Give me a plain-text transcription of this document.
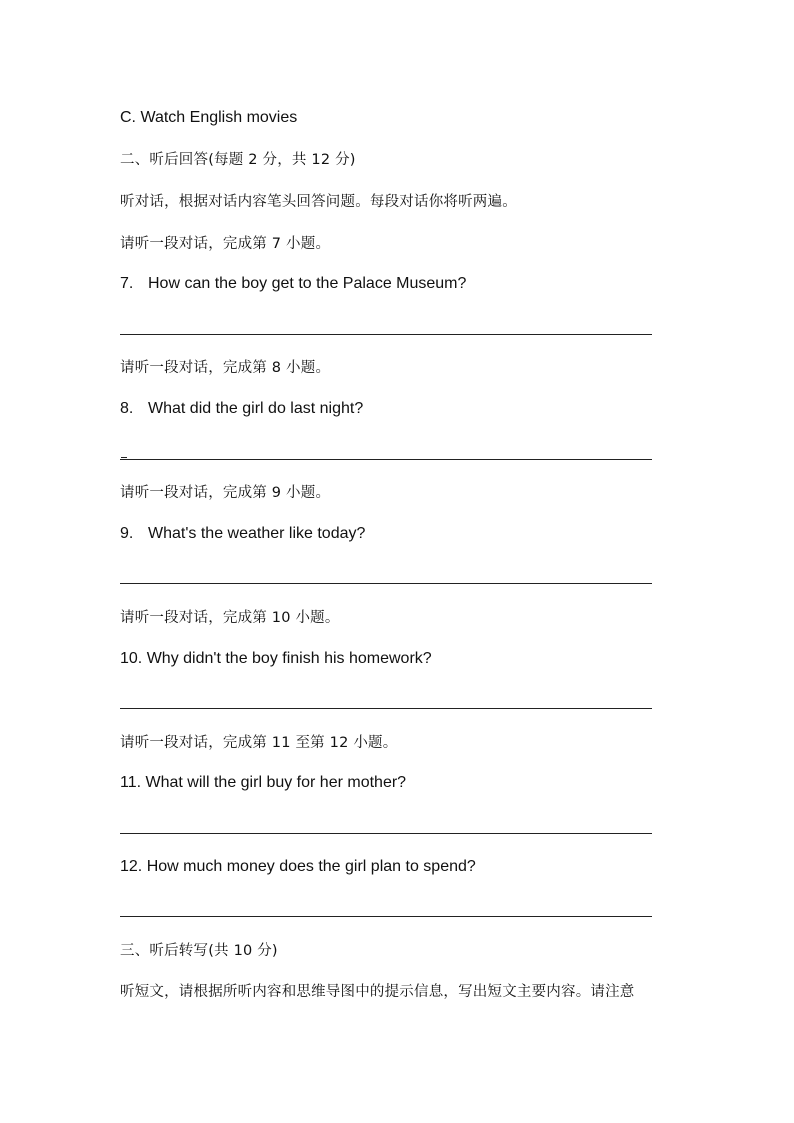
C. Watch English movies
二、听后回答(每题 2 分，共 12 分)
听对话，根据对话内容笔头回答问题。每段对话你将听两遍。
请听一段对话，完成第 7 小题。
7. How can the boy get to the Palace Museum?
请听一段对话，完成第 8 小题。
8. What did the girl do last night?
请听一段对话，完成第 9 小题。
9. What's the weather like today?
请听一段对话，完成第 10 小题。
10. Why didn't the boy finish his homework?
请听一段对话，完成第 11 至第 12 小题。
11. What will the girl buy for her mother?
12. How much money does the girl plan to spend?
三、听后转写(共 10 分)
听短文，请根据所听内容和思维导图中的提示信息，写出短文主要内容。请注意
